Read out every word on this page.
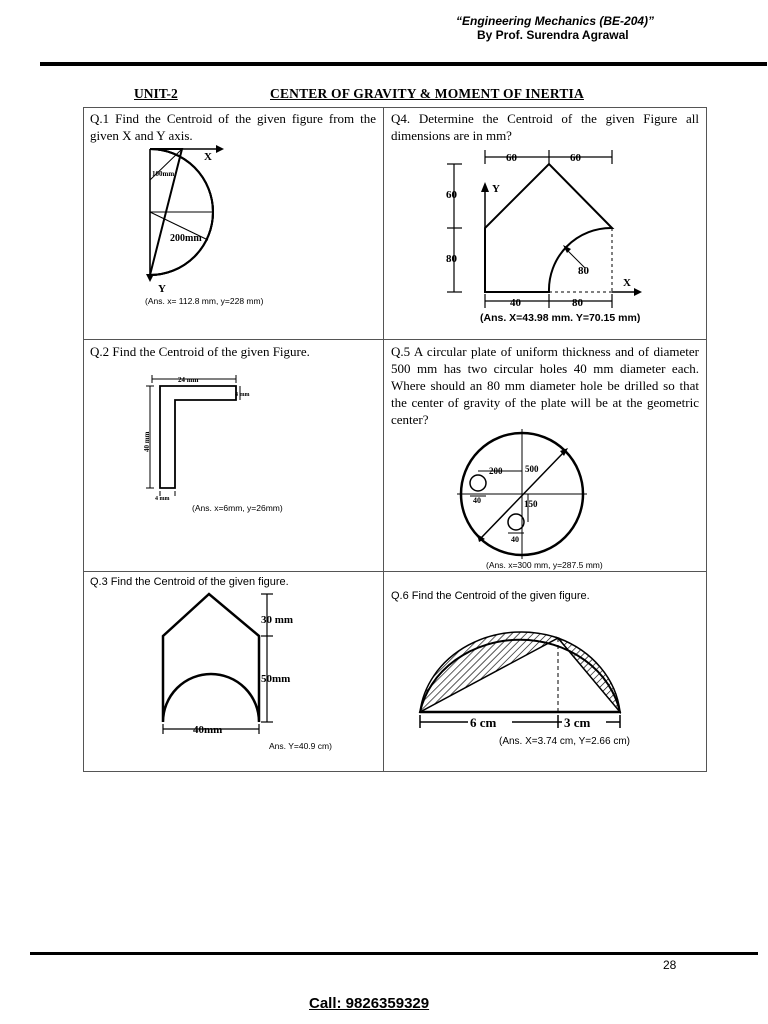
“Engineering Mechanics (BE-204)”
By Prof. Surendra Agrawal
UNIT-2	CENTER OF GRAVITY & MOMENT OF INERTIA
Q.1 Find the Centroid of the given figure from the given X and Y axis.
X
Y
100mm
200mm
(Ans. x= 112.8 mm, y=228 mm)
Q4. Determine the Centroid of the given Figure all dimensions are in mm?
60	60
60
80
80
Y
X
40	80
(Ans. X=43.98 mm. Y=70.15 mm)
Q.2 Find the Centroid of the given Figure.
24 mm
4 mm
40 mm
4 mm
(Ans. x=6mm, y=26mm)
Q.5 A circular plate of uniform thickness and of diameter 500 mm has two circular holes 40 mm diameter each. Where should an 80 mm diameter hole be drilled so that the center of gravity of the plate will be at the geometric center?
200	500
40	150
40
(Ans. x=300 mm, y=287.5 mm)
Q.3 Find the Centroid of the given figure.
30 mm
50mm
40mm
Ans. Y=40.9 cm)
Q.6 Find the Centroid of the given figure.
6 cm	3 cm
(Ans. X=3.74 cm, Y=2.66 cm)
28
Call: 9826359329
